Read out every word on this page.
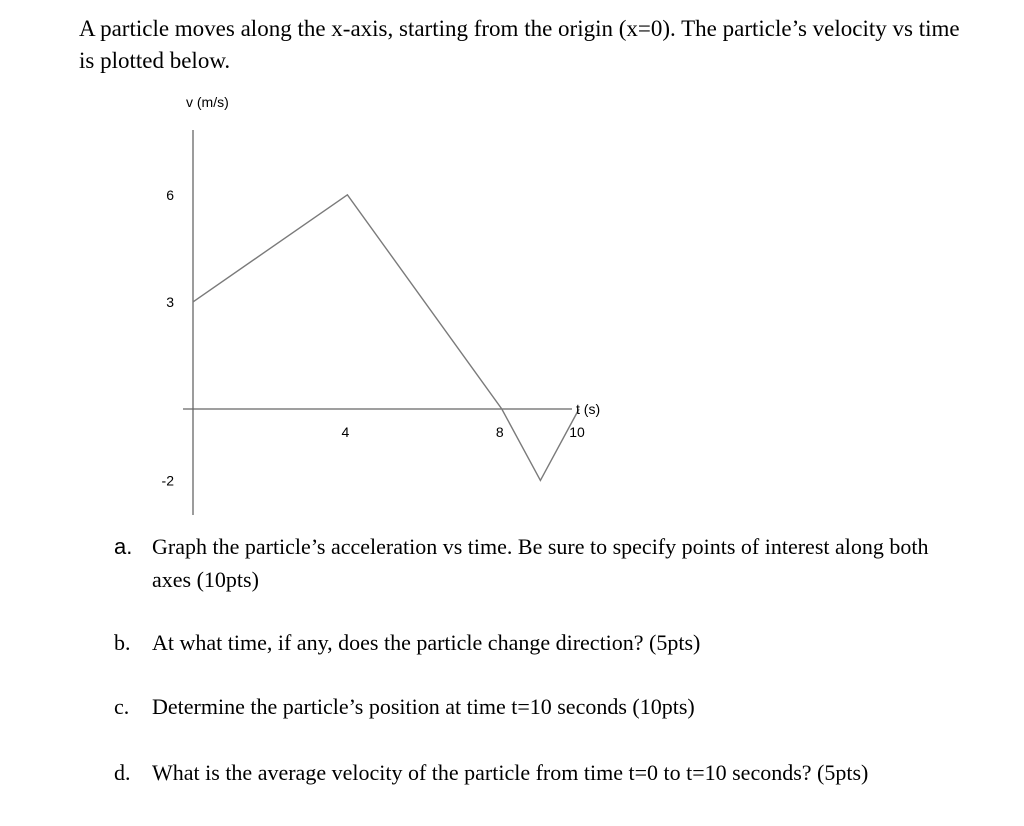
A particle moves along the x-axis, starting from the origin (x=0). The particle’s velocity vs time is plotted below.

v (m/s)
t (s)
6
3
-2
4	8	10
a. Graph the particle’s acceleration vs time. Be sure to specify points of interest along both axes (10pts)
b. At what time, if any, does the particle change direction? (5pts)
c. Determine the particle’s position at time t=10 seconds (10pts)
d. What is the average velocity of the particle from time t=0 to t=10 seconds? (5pts)
